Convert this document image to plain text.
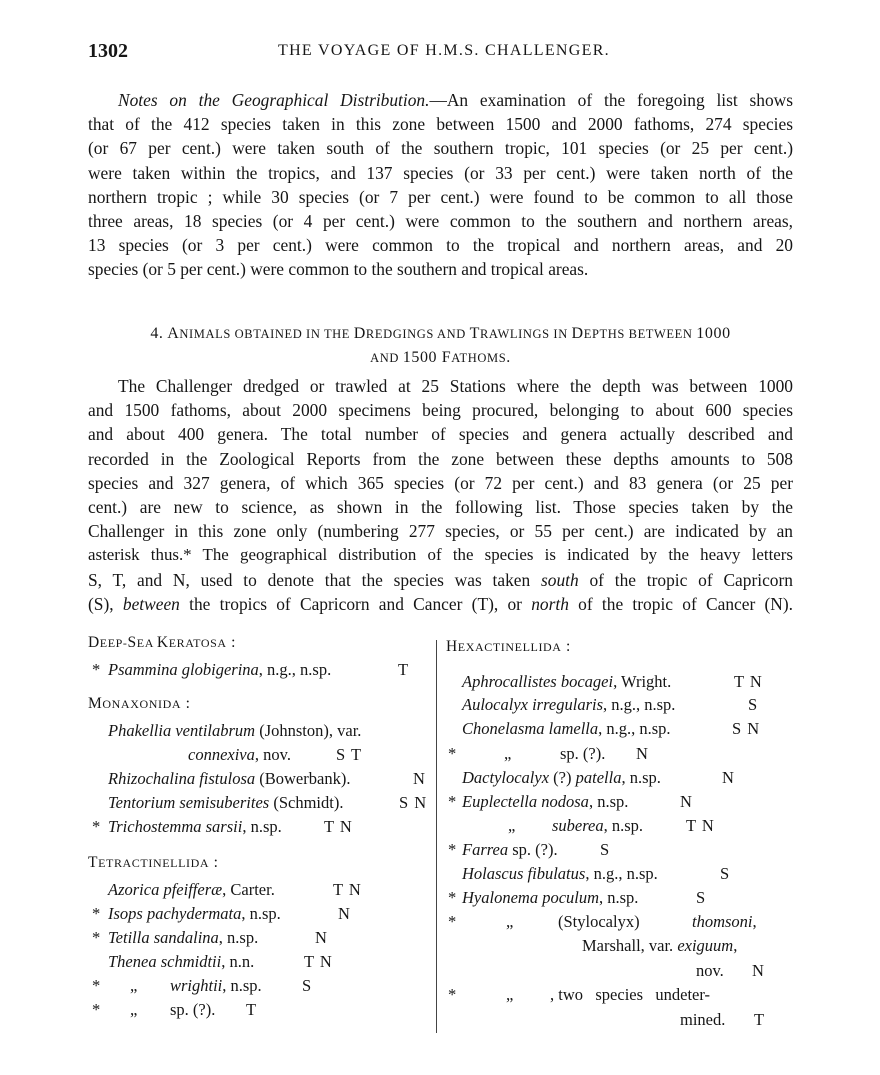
1302	THE VOYAGE OF H.M.S. CHALLENGER.
Notes on the Geographical Distribution.—An examination of the foregoing list shows
that of the 412 species taken in this zone between 1500 and 2000 fathoms, 274 species
(or 67 per cent.) were taken south of the southern tropic, 101 species (or 25 per cent.)
were taken within the tropics, and 137 species (or 33 per cent.) were taken north of the
northern tropic ; while 30 species (or 7 per cent.) were found to be common to all those
three areas, 18 species (or 4 per cent.) were common to the southern and northern areas,
13 species (or 3 per cent.) were common to the tropical and northern areas, and 20
species (or 5 per cent.) were common to the southern and tropical areas.
4. ANIMALS OBTAINED IN THE DREDGINGS AND TRAWLINGS IN DEPTHS BETWEEN 1000
AND 1500 FATHOMS.
The Challenger dredged or trawled at 25 Stations where the depth was between 1000
and 1500 fathoms, about 2000 specimens being procured, belonging to about 600 species
and about 400 genera. The total number of species and genera actually described and
recorded in the Zoological Reports from the zone between these depths amounts to 508
species and 327 genera, of which 365 species (or 72 per cent.) and 83 genera (or 25 per
cent.) are new to science, as shown in the following list. Those species taken by the
Challenger in this zone only (numbering 277 species, or 55 per cent.) are indicated by an
asterisk thus.* The geographical distribution of the species is indicated by the heavy letters
S, T, and N, used to denote that the species was taken south of the tropic of Capricorn
(S), between the tropics of Capricorn and Cancer (T), or north of the tropic of Cancer (N).
DEEP-SEA KERATOSA :
* Psammina globigerina, n.g., n.sp.	T
MONAXONIDA :
Phakellia ventilabrum (Johnston), var.
connexiva, nov.	S T
Rhizochalina fistulosa (Bowerbank).	N
Tentorium semisuberites (Schmidt).	S N
* Trichostemma sarsii, n.sp.	T N
TETRACTINELLIDA :
Azorica pfeifferæ, Carter.	T N
* Isops pachydermata, n.sp.	N
* Tetilla sandalina, n.sp.	N
Thenea schmidtii, n.n.	T N
* „ wrightii, n.sp. S
* „ sp. (?). T
HEXACTINELLIDA :
Aphrocallistes bocagei, Wright.	T N
Aulocalyx irregularis, n.g., n.sp.	S
Chonelasma lamella, n.g., n.sp.	S N
*	„	sp. (?). N
Dactylocalyx (?) patella, n.sp.	N
* Euplectella nodosa, n.sp.	N
„ suberea, n.sp.	T N
* Farrea sp. (?).	S
Holascus fibulatus, n.g., n.sp.	S
* Hyalonema poculum, n.sp.	S
*	„	(Stylocalyx)	thomsoni,
Marshall, var. exiguum,
nov. N
*	„ , two   species   undeter-
mined. T
